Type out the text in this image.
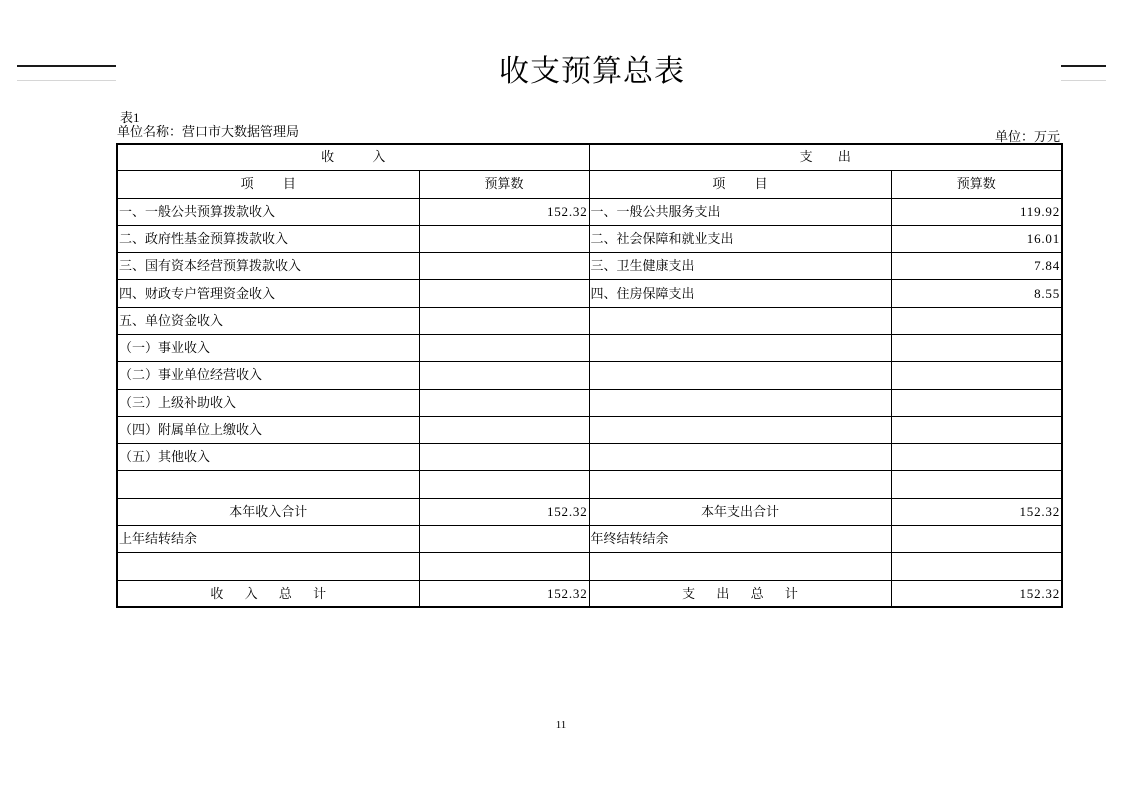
收支预算总表
表1
单位名称：营口市大数据管理局	单位：万元
收 入		支 出	
项 目	预算数	项 目	预算数
一、一般公共预算拨款收入	152.32	一、一般公共服务支出	119.92
二、政府性基金预算拨款收入		二、社会保障和就业支出	16.01
三、国有资本经营预算拨款收入		三、卫生健康支出	7.84
四、财政专户管理资金收入		四、住房保障支出	8.55
五、单位资金收入			
（一）事业收入			
（二）事业单位经营收入			
（三）上级补助收入			
（四）附属单位上缴收入			
（五）其他收入			

本年收入合计	152.32	本年支出合计	152.32
上年结转结余		年终结转结余	

收 入 总 计	152.32	支 出 总 计	152.32
11
